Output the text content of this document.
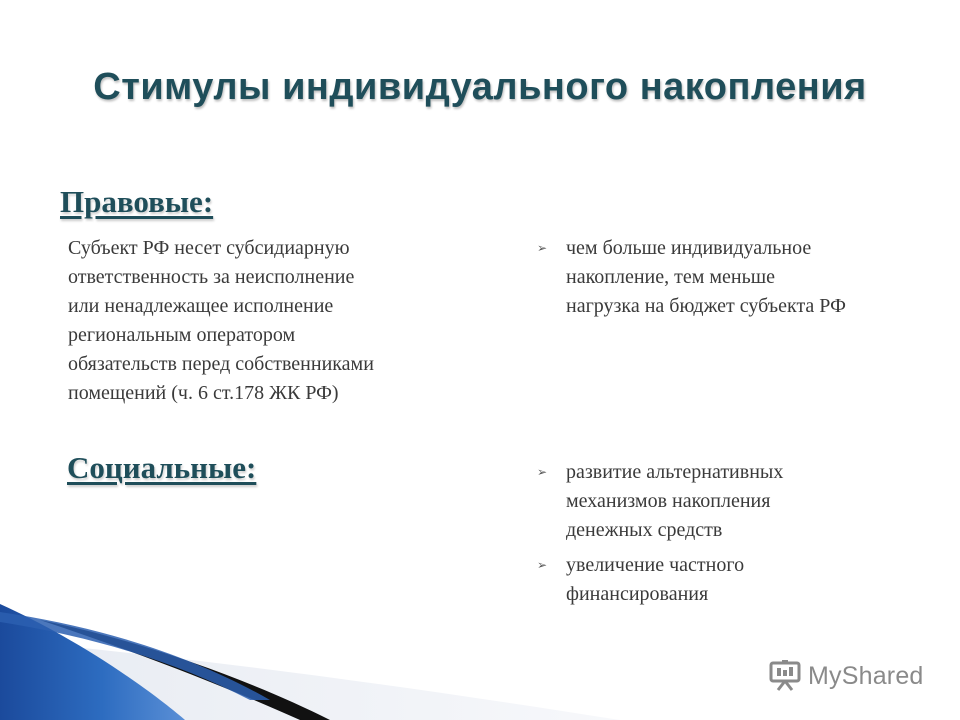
Стимулы индивидуального накопления
Правовые:
Субъект РФ несет субсидиарную
ответственность за неисполнение
или ненадлежащее исполнение
региональным оператором
обязательств перед собственниками
помещений (ч. 6 ст.178 ЖК РФ)
➢ чем больше индивидуальное
накопление, тем меньше
нагрузка на бюджет субъекта РФ
Социальные:	➢ развитие альтернативных
механизмов накопления
денежных средств
➢ увеличение частного
финансирования
MyShared
